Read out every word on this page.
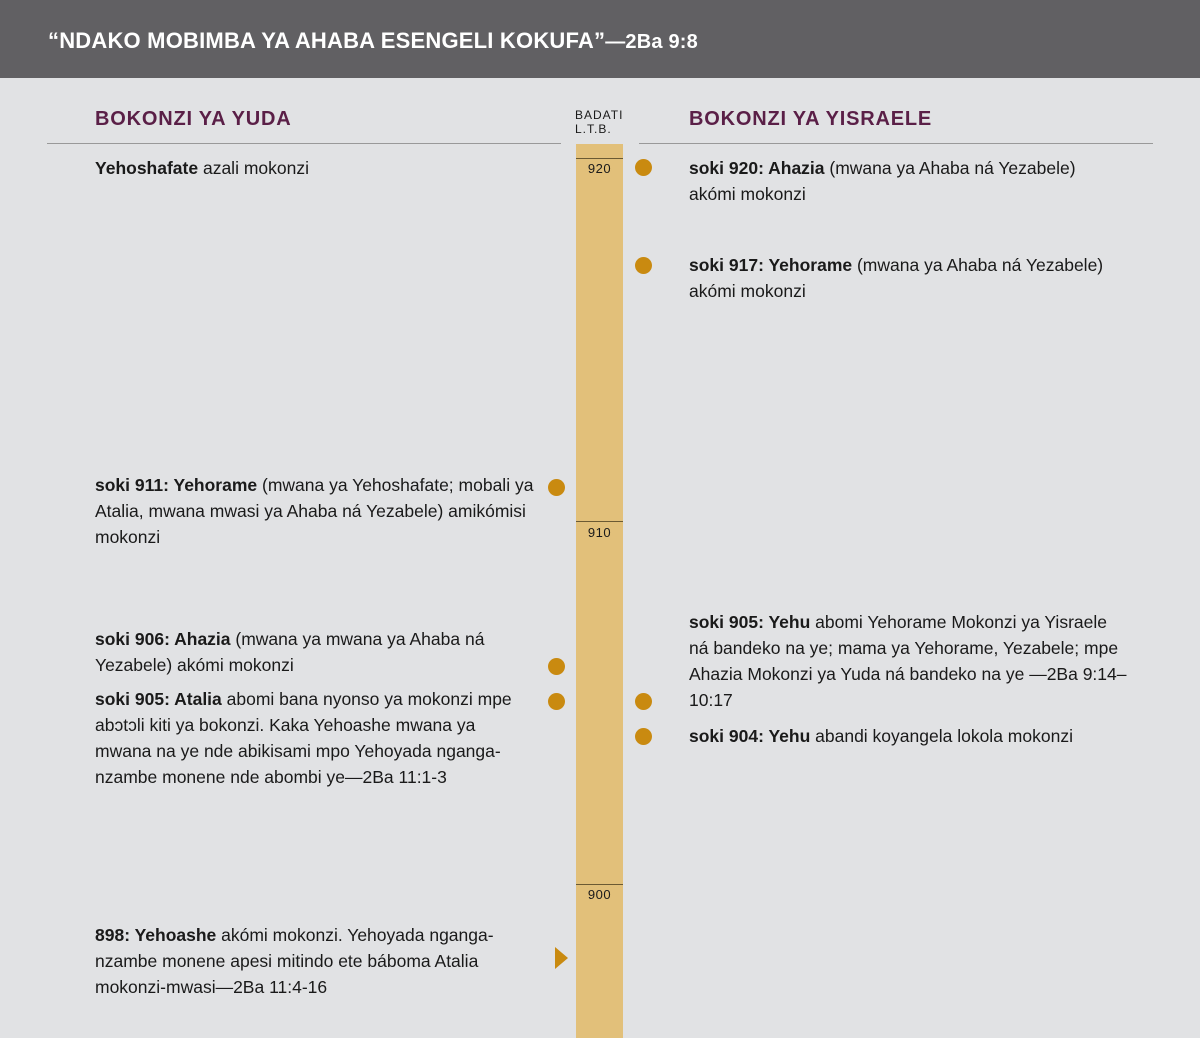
“NDAKO MOBIMBA YA AHABA ESENGELI KOKUFA”—2Ba 9:8
BOKONZI YA YUDA	BOKONZI YA YISRAELE
BADATI
L.T.B.
920
910
900
Yehoshafate azali mokonzi
soki 911: Yehorame (mwana ya Yehoshafate; mobali ya Atalia, mwana mwasi ya Ahaba ná Yezabele) amikómisi mokonzi
soki 906: Ahazia (mwana ya mwana ya Ahaba ná Yezabele) akómi mokonzi
soki 905: Atalia abomi bana nyonso ya mokonzi mpe abɔtɔli kiti ya bokonzi. Kaka Yehoashe mwana ya mwana na ye nde abikisami mpo Yehoyada nganga-nzambe monene nde abombi ye—2Ba 11:1-3
898: Yehoashe akómi mokonzi. Yehoyada nganga-nzambe monene apesi mitindo ete báboma Atalia mokonzi-mwasi—2Ba 11:4-16
soki 920: Ahazia (mwana ya Ahaba ná Yezabele) akómi mokonzi
soki 917: Yehorame (mwana ya Ahaba ná Yezabele) akómi mokonzi
soki 905: Yehu abomi Yehorame Mokonzi ya Yisraele ná bandeko na ye; mama ya Yehorame, Yezabele; mpe Ahazia Mokonzi ya Yuda ná bandeko na ye —2Ba 9:14–10:17
soki 904: Yehu abandi koyangela lokola mokonzi
